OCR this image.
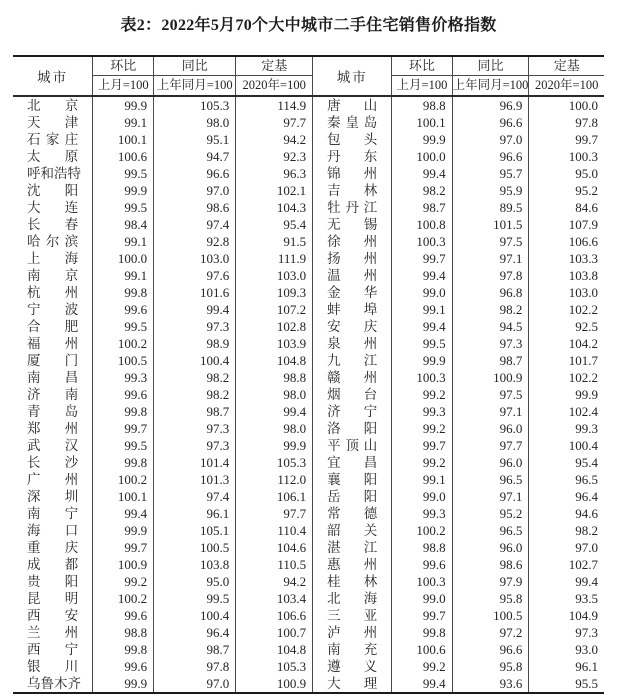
表2：2022年5月70个大中城市二手住宅销售价格指数
城市	环比	同比	定基	城市	环比	同比	定基
	上月=100	上年同月=100	2020年=100		上月=100	上年同月=100	2020年=100
北京	99.9	105.3	114.9	唐山	98.8	96.9	100.0
天津	99.1	98.0	97.7	秦皇岛	100.1	96.6	97.8
石家庄	100.1	95.1	94.2	包头	99.9	97.0	99.7
太原	100.6	94.7	92.3	丹东	100.0	96.6	100.3
呼和浩特	99.5	96.6	96.3	锦州	99.4	95.7	95.0
沈阳	99.9	97.0	102.1	吉林	98.2	95.9	95.2
大连	99.5	98.6	104.3	牡丹江	98.7	89.5	84.6
长春	98.4	97.4	95.4	无锡	100.8	101.5	107.9
哈尔滨	99.1	92.8	91.5	徐州	100.3	97.5	106.6
上海	100.0	103.0	111.9	扬州	99.7	97.1	103.3
南京	99.1	97.6	103.0	温州	99.4	97.8	103.8
杭州	99.8	101.6	109.3	金华	99.0	96.8	103.0
宁波	99.6	99.4	107.2	蚌埠	99.1	98.2	102.2
合肥	99.5	97.3	102.8	安庆	99.4	94.5	92.5
福州	100.2	98.9	103.9	泉州	99.5	97.3	104.2
厦门	100.5	100.4	104.8	九江	99.9	98.7	101.7
南昌	99.3	98.2	98.8	赣州	100.3	100.9	102.2
济南	99.6	98.2	98.0	烟台	99.2	97.5	99.9
青岛	99.8	98.7	99.4	济宁	99.3	97.1	102.4
郑州	99.7	97.3	98.0	洛阳	99.2	96.0	99.3
武汉	99.5	97.3	99.9	平顶山	99.7	97.7	100.4
长沙	99.8	101.4	105.3	宜昌	99.2	96.0	95.4
广州	100.2	101.3	112.0	襄阳	99.1	96.5	96.5
深圳	100.1	97.4	106.1	岳阳	99.0	97.1	96.4
南宁	99.4	96.1	97.7	常德	99.3	95.2	94.6
海口	99.9	105.1	110.4	韶关	100.2	96.5	98.2
重庆	99.7	100.5	104.6	湛江	98.8	96.0	97.0
成都	100.9	103.8	110.5	惠州	99.6	98.6	102.7
贵阳	99.2	95.0	94.2	桂林	100.3	97.9	99.4
昆明	100.2	99.5	103.4	北海	99.0	95.8	93.5
西安	99.6	100.4	106.6	三亚	99.7	100.5	104.9
兰州	98.8	96.4	100.7	泸州	99.8	97.2	97.3
西宁	99.8	98.7	104.8	南充	100.6	96.6	93.0
银川	99.6	97.8	105.3	遵义	99.2	95.8	96.1
乌鲁木齐	99.9	97.0	100.9	大理	99.4	93.6	95.5
